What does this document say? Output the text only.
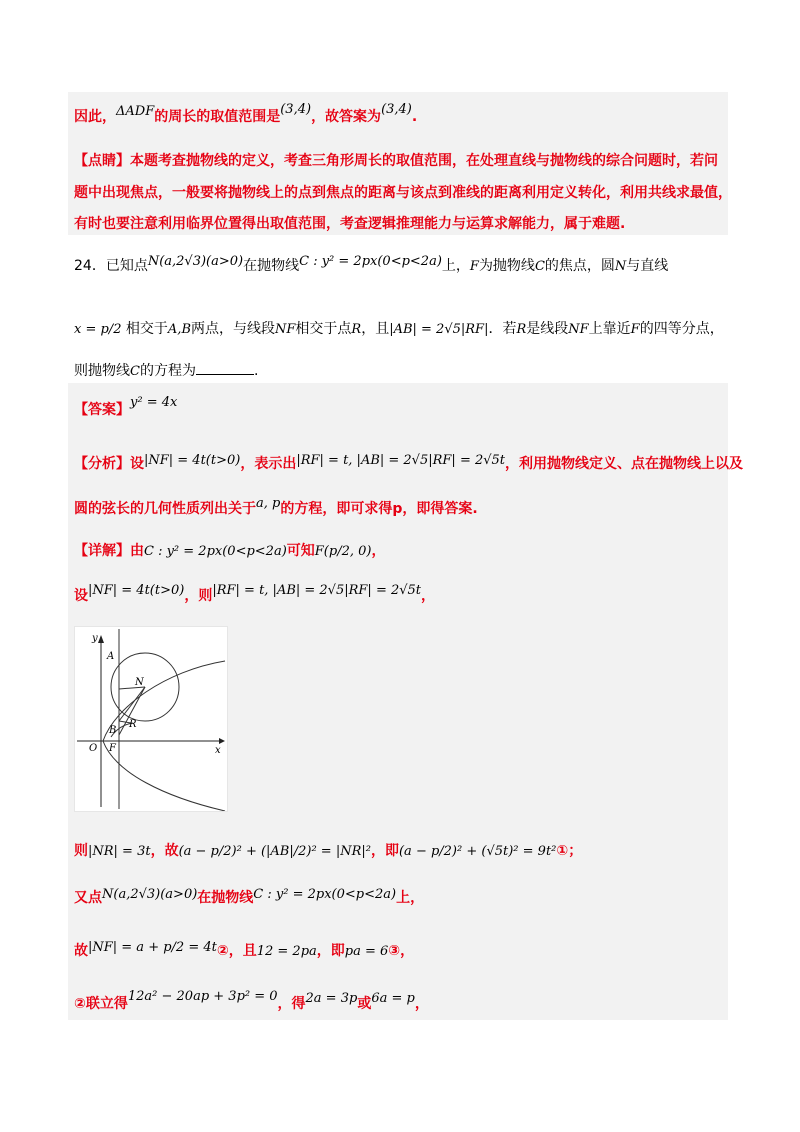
因此，ΔADF的周长的取值范围是(3,4)，故答案为(3,4).
【点睛】本题考查抛物线的定义，考查三角形周长的取值范围，在处理直线与抛物线的综合问题时，若问
题中出现焦点，一般要将抛物线上的点到焦点的距离与该点到准线的距离利用定义转化，利用共线求最值，
有时也要注意利用临界位置得出取值范围，考查逻辑推理能力与运算求解能力，属于难题.
24．已知点N(a,2√3)(a>0)在抛物线C : y² = 2px(0<p<2a)上，F为抛物线C的焦点，圆N与直线
x = p/2 相交于A,B两点，与线段NF相交于点R，且|AB| = 2√5|RF|．若R是线段NF上靠近F的四等分点，
则抛物线C的方程为	.
【答案】y² = 4x
【分析】设|NF| = 4t(t>0)，表示出|RF| = t, |AB| = 2√5|RF| = 2√5t，利用抛物线定义、点在抛物线上以及
圆的弦长的几何性质列出关于a, p的方程，即可求得p，即得答案.
【详解】由C : y² = 2px(0<p<2a)可知F(p/2, 0)，
设|NF| = 4t(t>0)，则|RF| = t, |AB| = 2√5|RF| = 2√5t，
y
x
O
A
B
F
N
R
则|NR| = 3t，故(a − p/2)² + (|AB|/2)² = |NR|²，即(a − p/2)² + (√5t)² = 9t²①；
又点N(a,2√3)(a>0)在抛物线C : y² = 2px(0<p<2a)上，
故|NF| = a + p/2 = 4t②，且12 = 2pa，即pa = 6③，
②联立得12a² − 20ap + 3p² = 0，得2a = 3p或6a = p，
